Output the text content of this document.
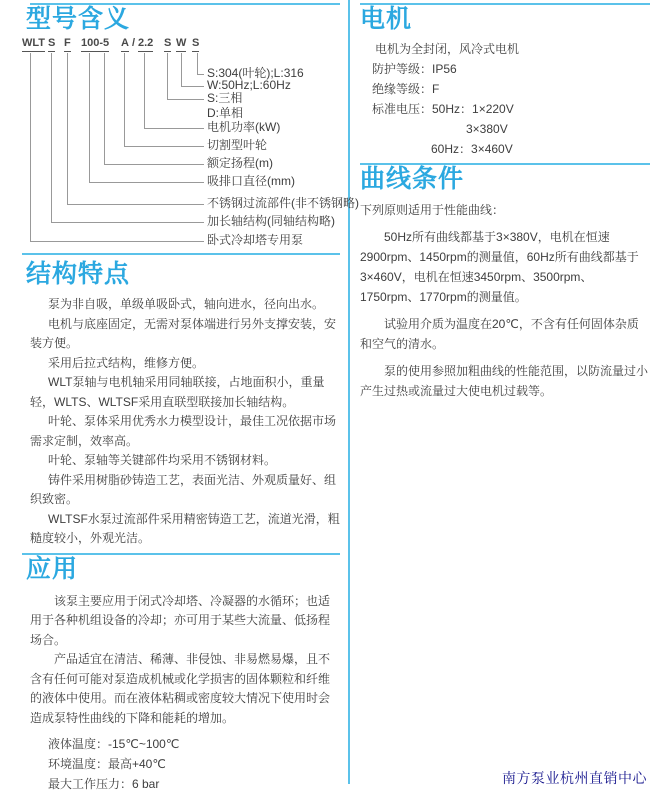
型号含义
WLT S F 100-5 A / 2.2 S W S
S:304(叶轮);L:316
W:50Hz;L:60Hz
S:三相
D:单相
电机功率(kW)
切割型叶轮
额定扬程(m)
吸排口直径(mm)
不锈钢过流部件(非不锈钢略)
加长轴结构(同轴结构略)
卧式冷却塔专用泵
结构特点

泵为非自吸，单级单吸卧式，轴向进水，径向出水。

电机与底座固定，无需对泵体端进行另外支撑安装，安装方便。

采用后拉式结构，维修方便。

WLT泵轴与电机轴采用同轴联接，占地面积小，重量轻，WLTS、WLTSF采用直联型联接加长轴结构。

叶轮、泵体采用优秀水力模型设计，最佳工况依据市场需求定制，效率高。

叶轮、泵轴等关键部件均采用不锈钢材料。

铸件采用树脂砂铸造工艺，表面光洁、外观质量好、组织致密。

WLTSF水泵过流部件采用精密铸造工艺，流道光滑，粗糙度较小，外观光洁。

应用

该泵主要应用于闭式冷却塔、冷凝器的水循环；也适用于各种机组设备的冷却；亦可用于某些大流量、低扬程场合。

产品适宜在清洁、稀薄、非侵蚀、非易燃易爆，且不含有任何可能对泵造成机械或化学损害的固体颗粒和纤维的液体中使用。而在液体粘稠或密度较大情况下使用时会造成泵特性曲线的下降和能耗的增加。

液体温度：-15℃~100℃

环境温度：最高+40℃

最大工作压力：6 bar

电机

电机为全封闭，风冷式电机

防护等级：IP56

绝缘等级：F

标准电压：50Hz：1×220V

3×380V

60Hz：3×460V

曲线条件

下列原则适用于性能曲线：

50Hz所有曲线都基于3×380V，电机在恒速2900rpm、1450rpm的测量值，60Hz所有曲线都基于3×460V，电机在恒速3450rpm、3500rpm、1750rpm、1770rpm的测量值。

试验用介质为温度在20℃，不含有任何固体杂质和空气的清水。

泵的使用参照加粗曲线的性能范围，以防流量过小产生过热或流量过大使电机过载等。

南方泵业杭州直销中心
